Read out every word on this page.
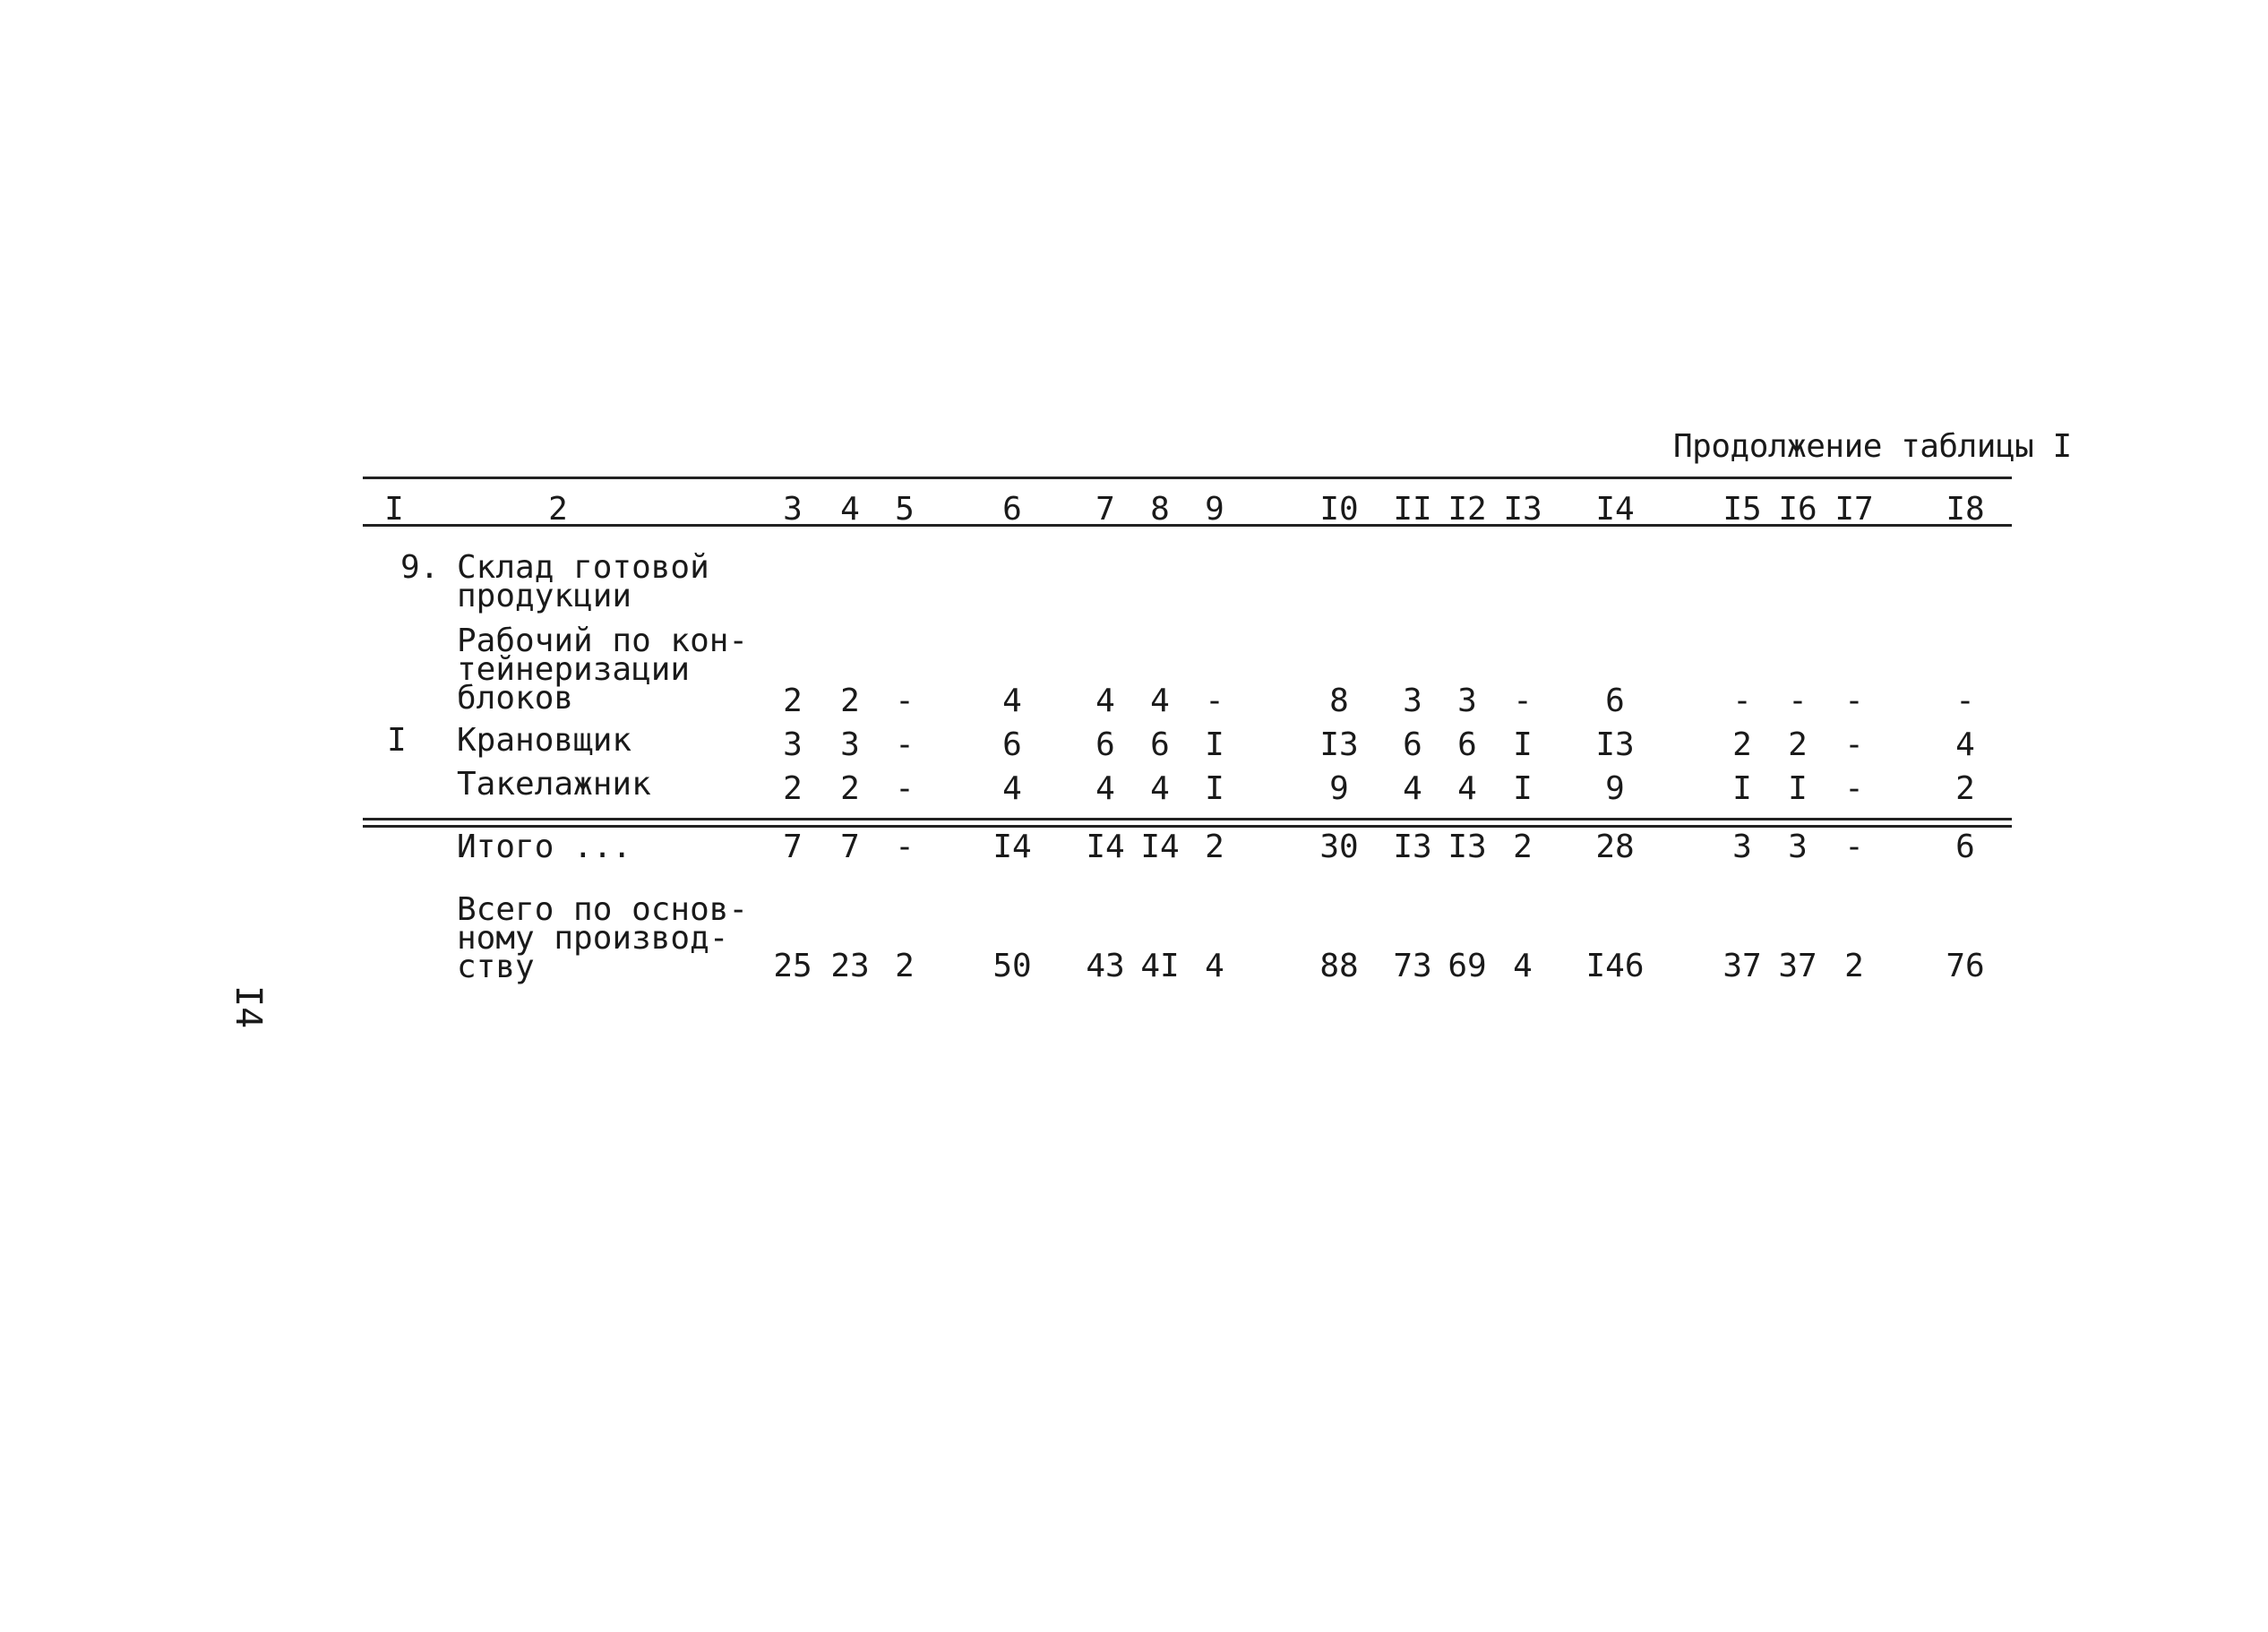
Продолжение таблицы I
I	2	3 4 5	6 7 8 9	I0 II I2 I3 I4	I5 I6 I7 I8
9. Склад готовой
продукции
Рабочий по кон-
тейнеризации
блоков	2 2 -	4 4 4 -	8 3 3 - 6	- - -	-
I Крановщик	3 3 -	6 6 6 I	I3 6 6 I I3	2 2 -	4
Такелажник	2 2 -	4 4 4 I	9 4 4 I 9	I I -	2
Итого ...	7 7 - I4 I4 I4 2	30 I3 I3 2 28	3 3 -	6
Всего по основ-
ному производ-
ству	25 23 2 50 43 4I 4	88 73 69 4 I46 37 37 2	76
I4
